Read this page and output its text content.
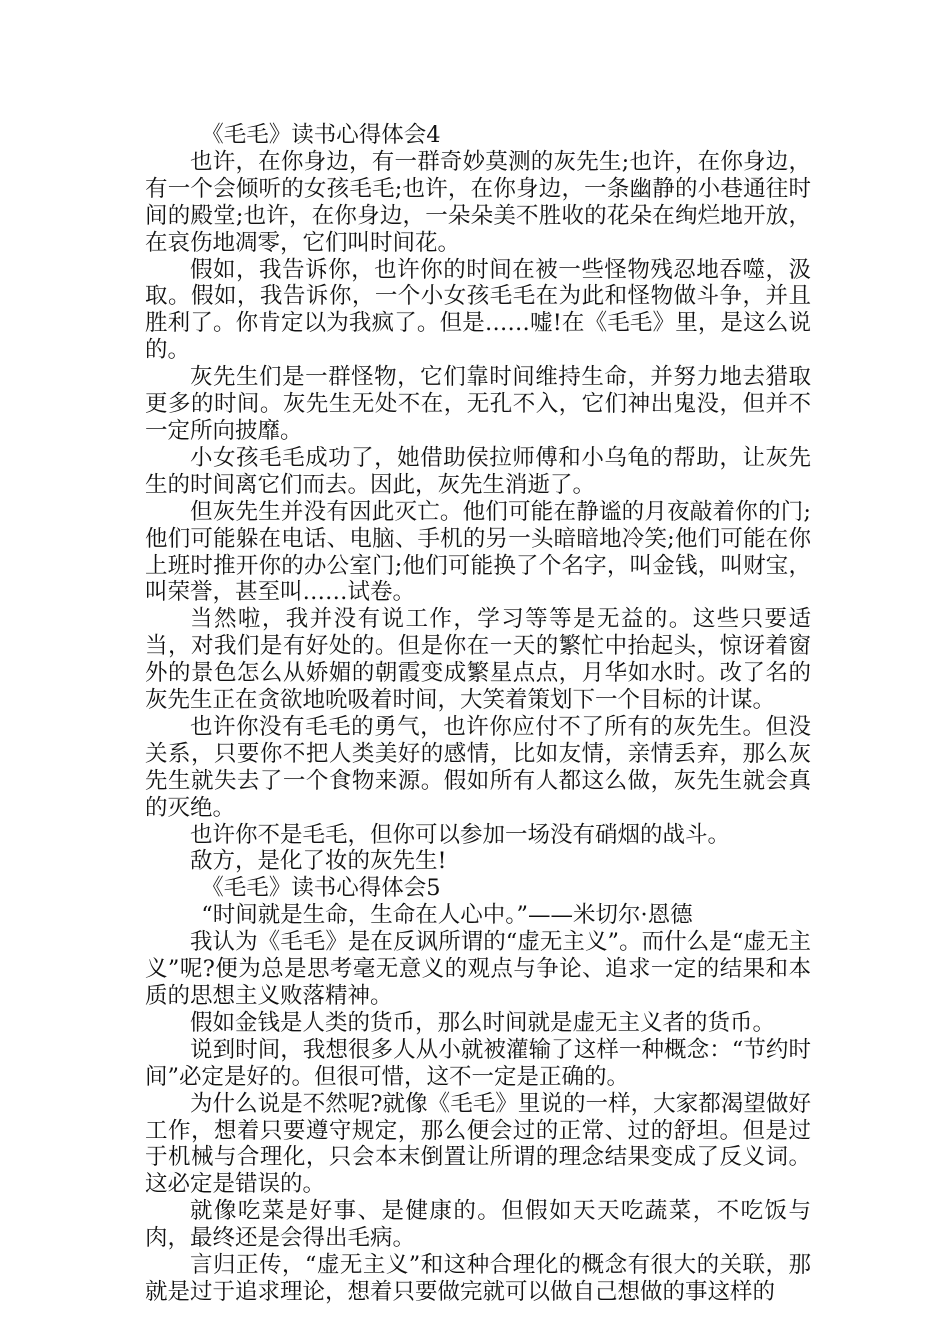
《毛毛》读书心得体会4

也许，在你身边，有一群奇妙莫测的灰先生;也许，在你身边，有一个会倾听的女孩毛毛;也许，在你身边，一条幽静的小巷通往时间的殿堂;也许，在你身边，一朵朵美不胜收的花朵在绚烂地开放，在哀伤地凋零，它们叫时间花。

假如，我告诉你，也许你的时间在被一些怪物残忍地吞噬，汲取。假如，我告诉你，一个小女孩毛毛在为此和怪物做斗争，并且胜利了。你肯定以为我疯了。但是……嘘!在《毛毛》里，是这么说的。

灰先生们是一群怪物，它们靠时间维持生命，并努力地去猎取更多的时间。灰先生无处不在，无孔不入，它们神出鬼没，但并不一定所向披靡。

小女孩毛毛成功了，她借助侯拉师傅和小乌龟的帮助，让灰先生的时间离它们而去。因此，灰先生消逝了。

但灰先生并没有因此灭亡。他们可能在静谧的月夜敲着你的门;他们可能躲在电话、电脑、手机的另一头暗暗地冷笑;他们可能在你上班时推开你的办公室门;他们可能换了个名字，叫金钱，叫财宝，叫荣誉，甚至叫……试卷。

当然啦，我并没有说工作，学习等等是无益的。这些只要适当，对我们是有好处的。但是你在一天的繁忙中抬起头，惊讶着窗外的景色怎么从娇媚的朝霞变成繁星点点，月华如水时。改了名的灰先生正在贪欲地吮吸着时间，大笑着策划下一个目标的计谋。

也许你没有毛毛的勇气，也许你应付不了所有的灰先生。但没关系，只要你不把人类美好的感情，比如友情，亲情丢弃，那么灰先生就失去了一个食物来源。假如所有人都这么做，灰先生就会真的灭绝。

也许你不是毛毛，但你可以参加一场没有硝烟的战斗。

敌方，是化了妆的灰先生!

《毛毛》读书心得体会5

“时间就是生命，生命在人心中。”——米切尔·恩德

我认为《毛毛》是在反讽所谓的“虚无主义”。而什么是“虚无主义”呢?便为总是思考毫无意义的观点与争论、追求一定的结果和本质的思想主义败落精神。

假如金钱是人类的货币，那么时间就是虚无主义者的货币。

说到时间，我想很多人从小就被灌输了这样一种概念：“节约时间”必定是好的。但很可惜，这不一定是正确的。

为什么说是不然呢?就像《毛毛》里说的一样，大家都渴望做好工作，想着只要遵守规定，那么便会过的正常、过的舒坦。但是过于机械与合理化，只会本末倒置让所谓的理念结果变成了反义词。这必定是错误的。

就像吃菜是好事、是健康的。但假如天天吃蔬菜，不吃饭与肉，最终还是会得出毛病。

言归正传，“虚无主义”和这种合理化的概念有很大的关联，那就是过于追求理论，想着只要做完就可以做自己想做的事这样的
